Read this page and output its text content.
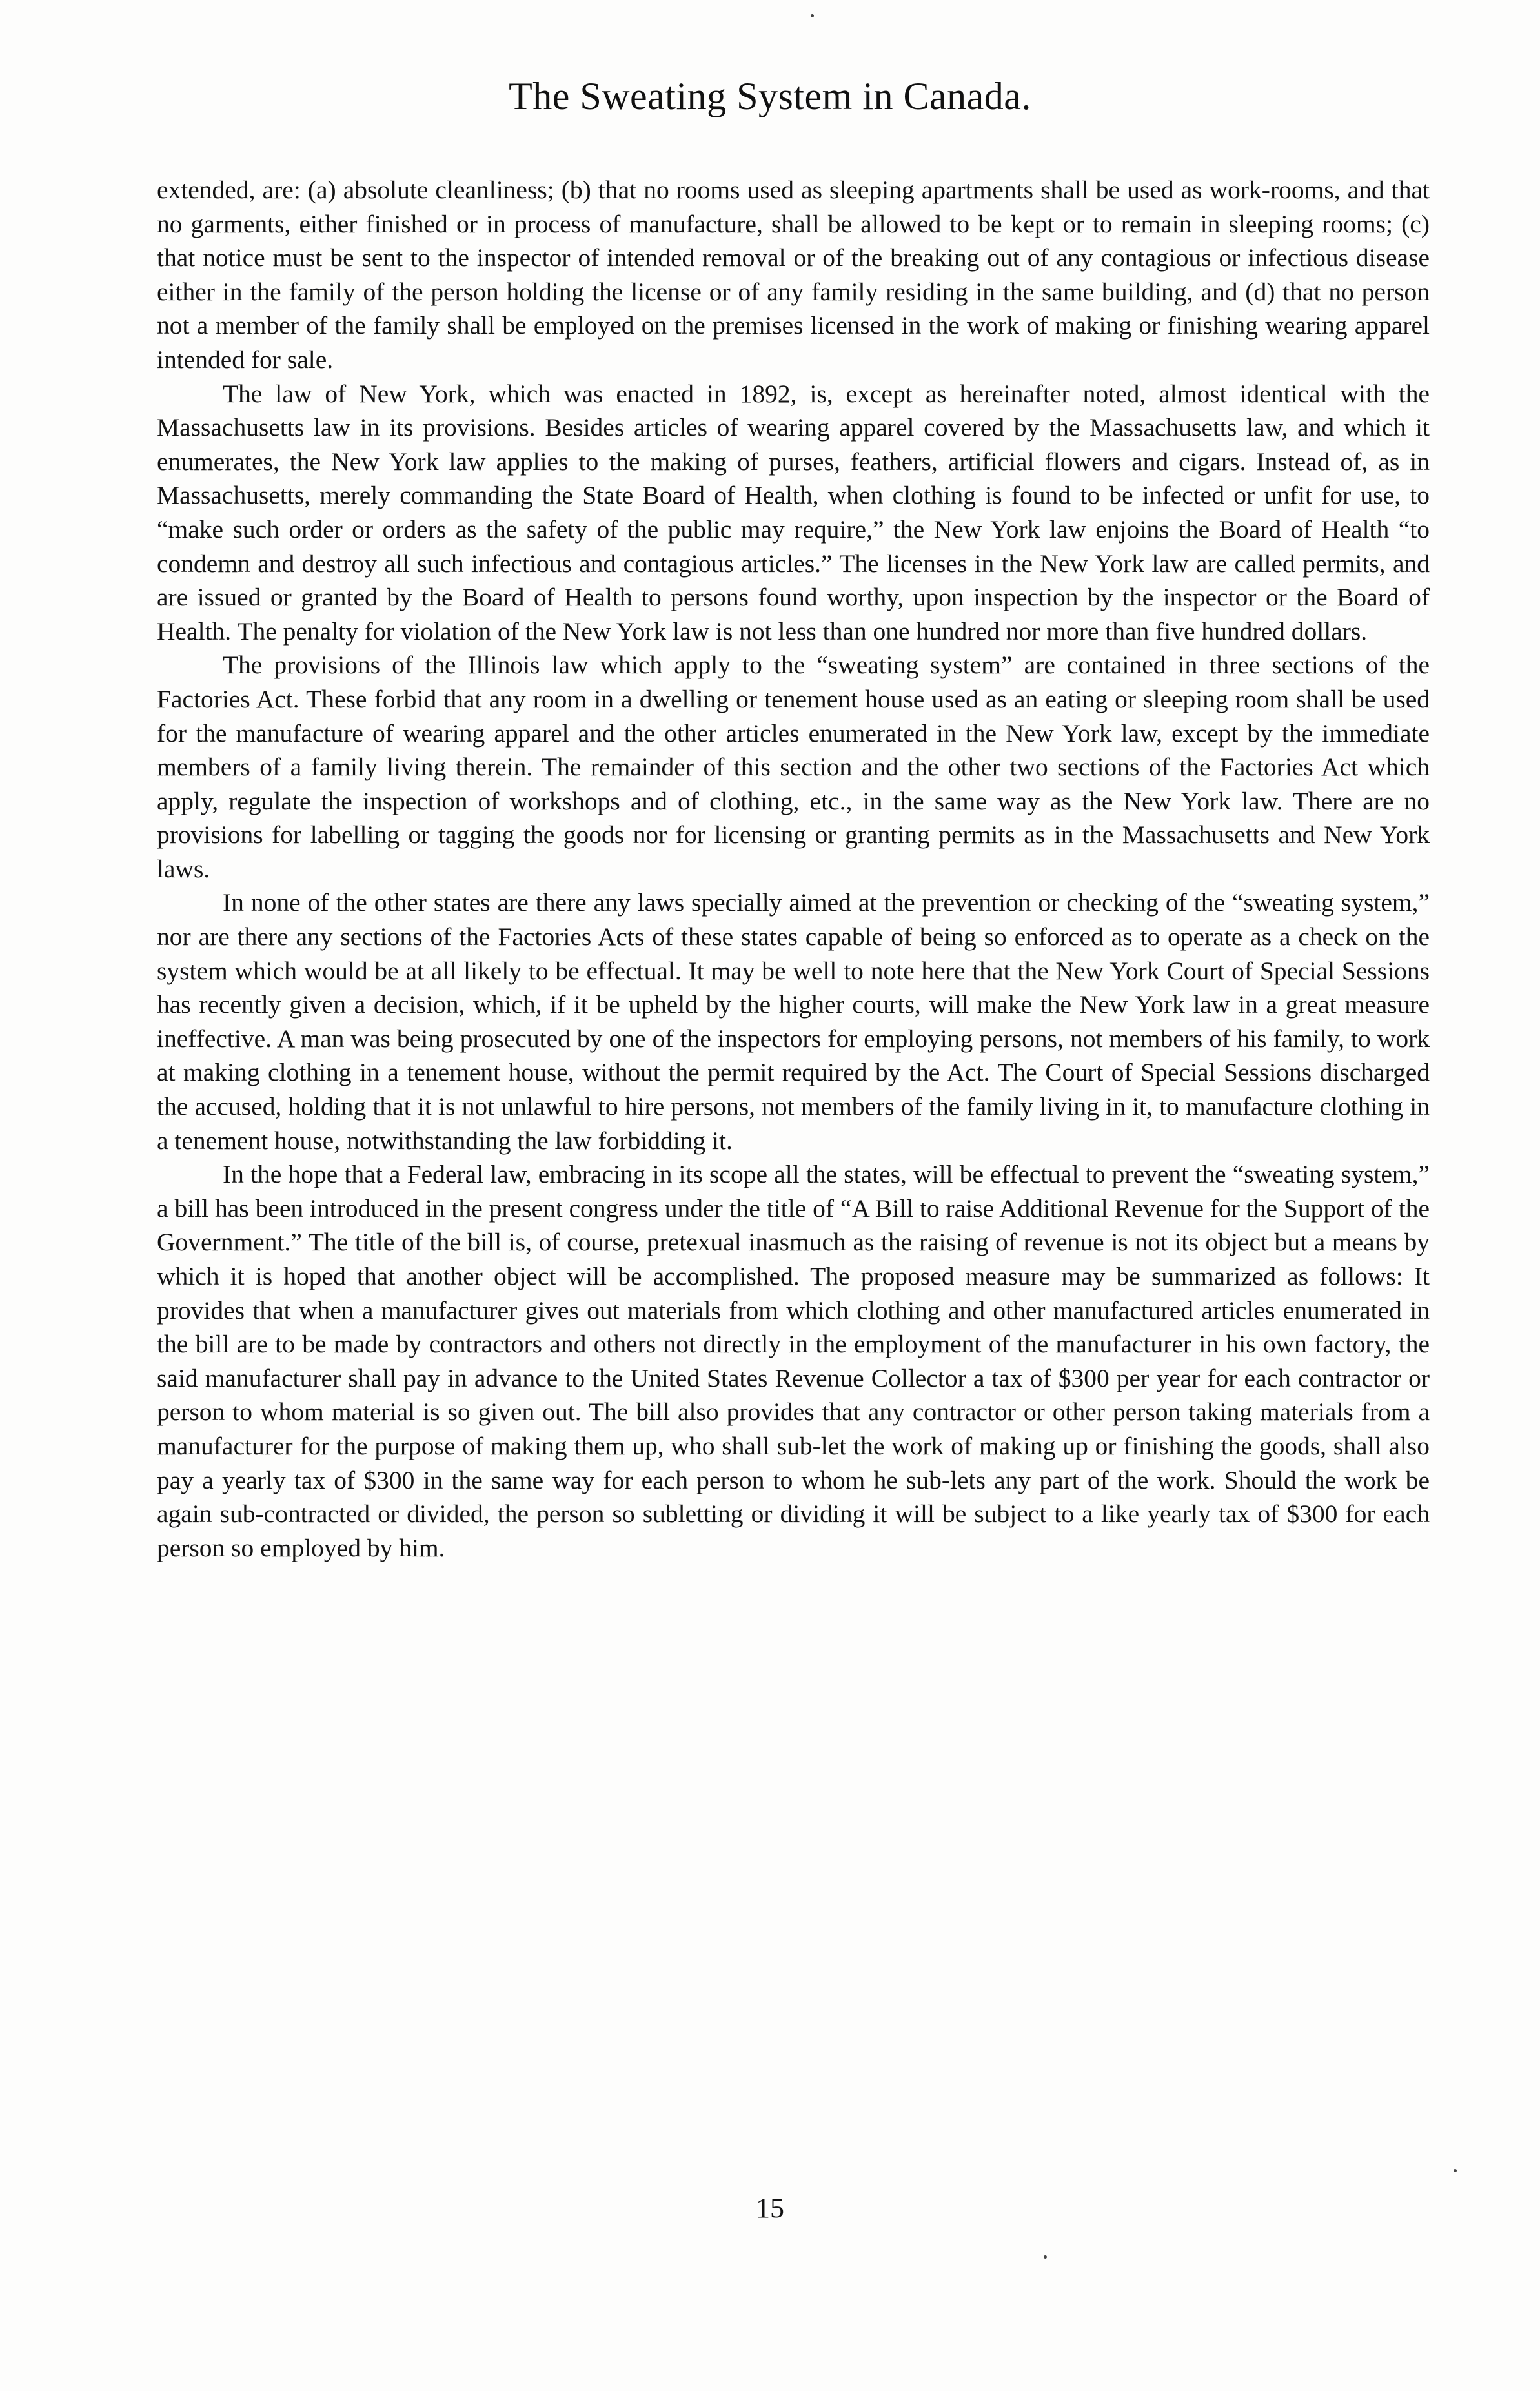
The Sweating System in Canada.

extended, are: (a) absolute cleanliness; (b) that no rooms used as sleeping apartments shall be used as work-rooms, and that no garments, either finished or in process of manufacture, shall be allowed to be kept or to remain in sleeping rooms; (c) that notice must be sent to the inspector of intended removal or of the breaking out of any contagious or infectious disease either in the family of the person holding the license or of any family residing in the same building, and (d) that no person not a member of the family shall be employed on the premises licensed in the work of making or finishing wearing apparel intended for sale.

The law of New York, which was enacted in 1892, is, except as hereinafter noted, almost identical with the Massachusetts law in its provisions. Besides articles of wearing apparel covered by the Massachusetts law, and which it enumerates, the New York law applies to the making of purses, feathers, artificial flowers and cigars. Instead of, as in Massachusetts, merely commanding the State Board of Health, when clothing is found to be infected or unfit for use, to “make such order or orders as the safety of the public may require,” the New York law enjoins the Board of Health “to condemn and destroy all such infectious and contagious articles.” The licenses in the New York law are called permits, and are issued or granted by the Board of Health to persons found worthy, upon inspection by the inspector or the Board of Health. The penalty for violation of the New York law is not less than one hundred nor more than five hundred dollars.

The provisions of the Illinois law which apply to the “sweating system” are contained in three sections of the Factories Act. These forbid that any room in a dwelling or tenement house used as an eating or sleeping room shall be used for the manufacture of wearing apparel and the other articles enumerated in the New York law, except by the immediate members of a family living therein. The remainder of this section and the other two sections of the Factories Act which apply, regulate the inspection of workshops and of clothing, etc., in the same way as the New York law. There are no provisions for labelling or tagging the goods nor for licensing or granting permits as in the Massachusetts and New York laws.

In none of the other states are there any laws specially aimed at the prevention or checking of the “sweating system,” nor are there any sections of the Factories Acts of these states capable of being so enforced as to operate as a check on the system which would be at all likely to be effectual. It may be well to note here that the New York Court of Special Sessions has recently given a decision, which, if it be upheld by the higher courts, will make the New York law in a great measure ineffective. A man was being prosecuted by one of the inspectors for employing persons, not members of his family, to work at making clothing in a tenement house, without the permit required by the Act. The Court of Special Sessions discharged the accused, holding that it is not unlawful to hire persons, not members of the family living in it, to manufacture clothing in a tenement house, notwithstanding the law forbidding it.

In the hope that a Federal law, embracing in its scope all the states, will be effectual to prevent the “sweating system,” a bill has been introduced in the present congress under the title of “A Bill to raise Additional Revenue for the Support of the Government.” The title of the bill is, of course, pretexual inasmuch as the raising of revenue is not its object but a means by which it is hoped that another object will be accomplished. The proposed measure may be summarized as follows: It provides that when a manufacturer gives out materials from which clothing and other manufactured articles enumerated in the bill are to be made by contractors and others not directly in the employment of the manufacturer in his own factory, the said manufacturer shall pay in advance to the United States Revenue Collector a tax of $300 per year for each contractor or person to whom material is so given out. The bill also provides that any contractor or other person taking materials from a manufacturer for the purpose of making them up, who shall sub-let the work of making up or finishing the goods, shall also pay a yearly tax of $300 in the same way for each person to whom he sub-lets any part of the work. Should the work be again sub-contracted or divided, the person so subletting or dividing it will be subject to a like yearly tax of $300 for each person so employed by him.

15
